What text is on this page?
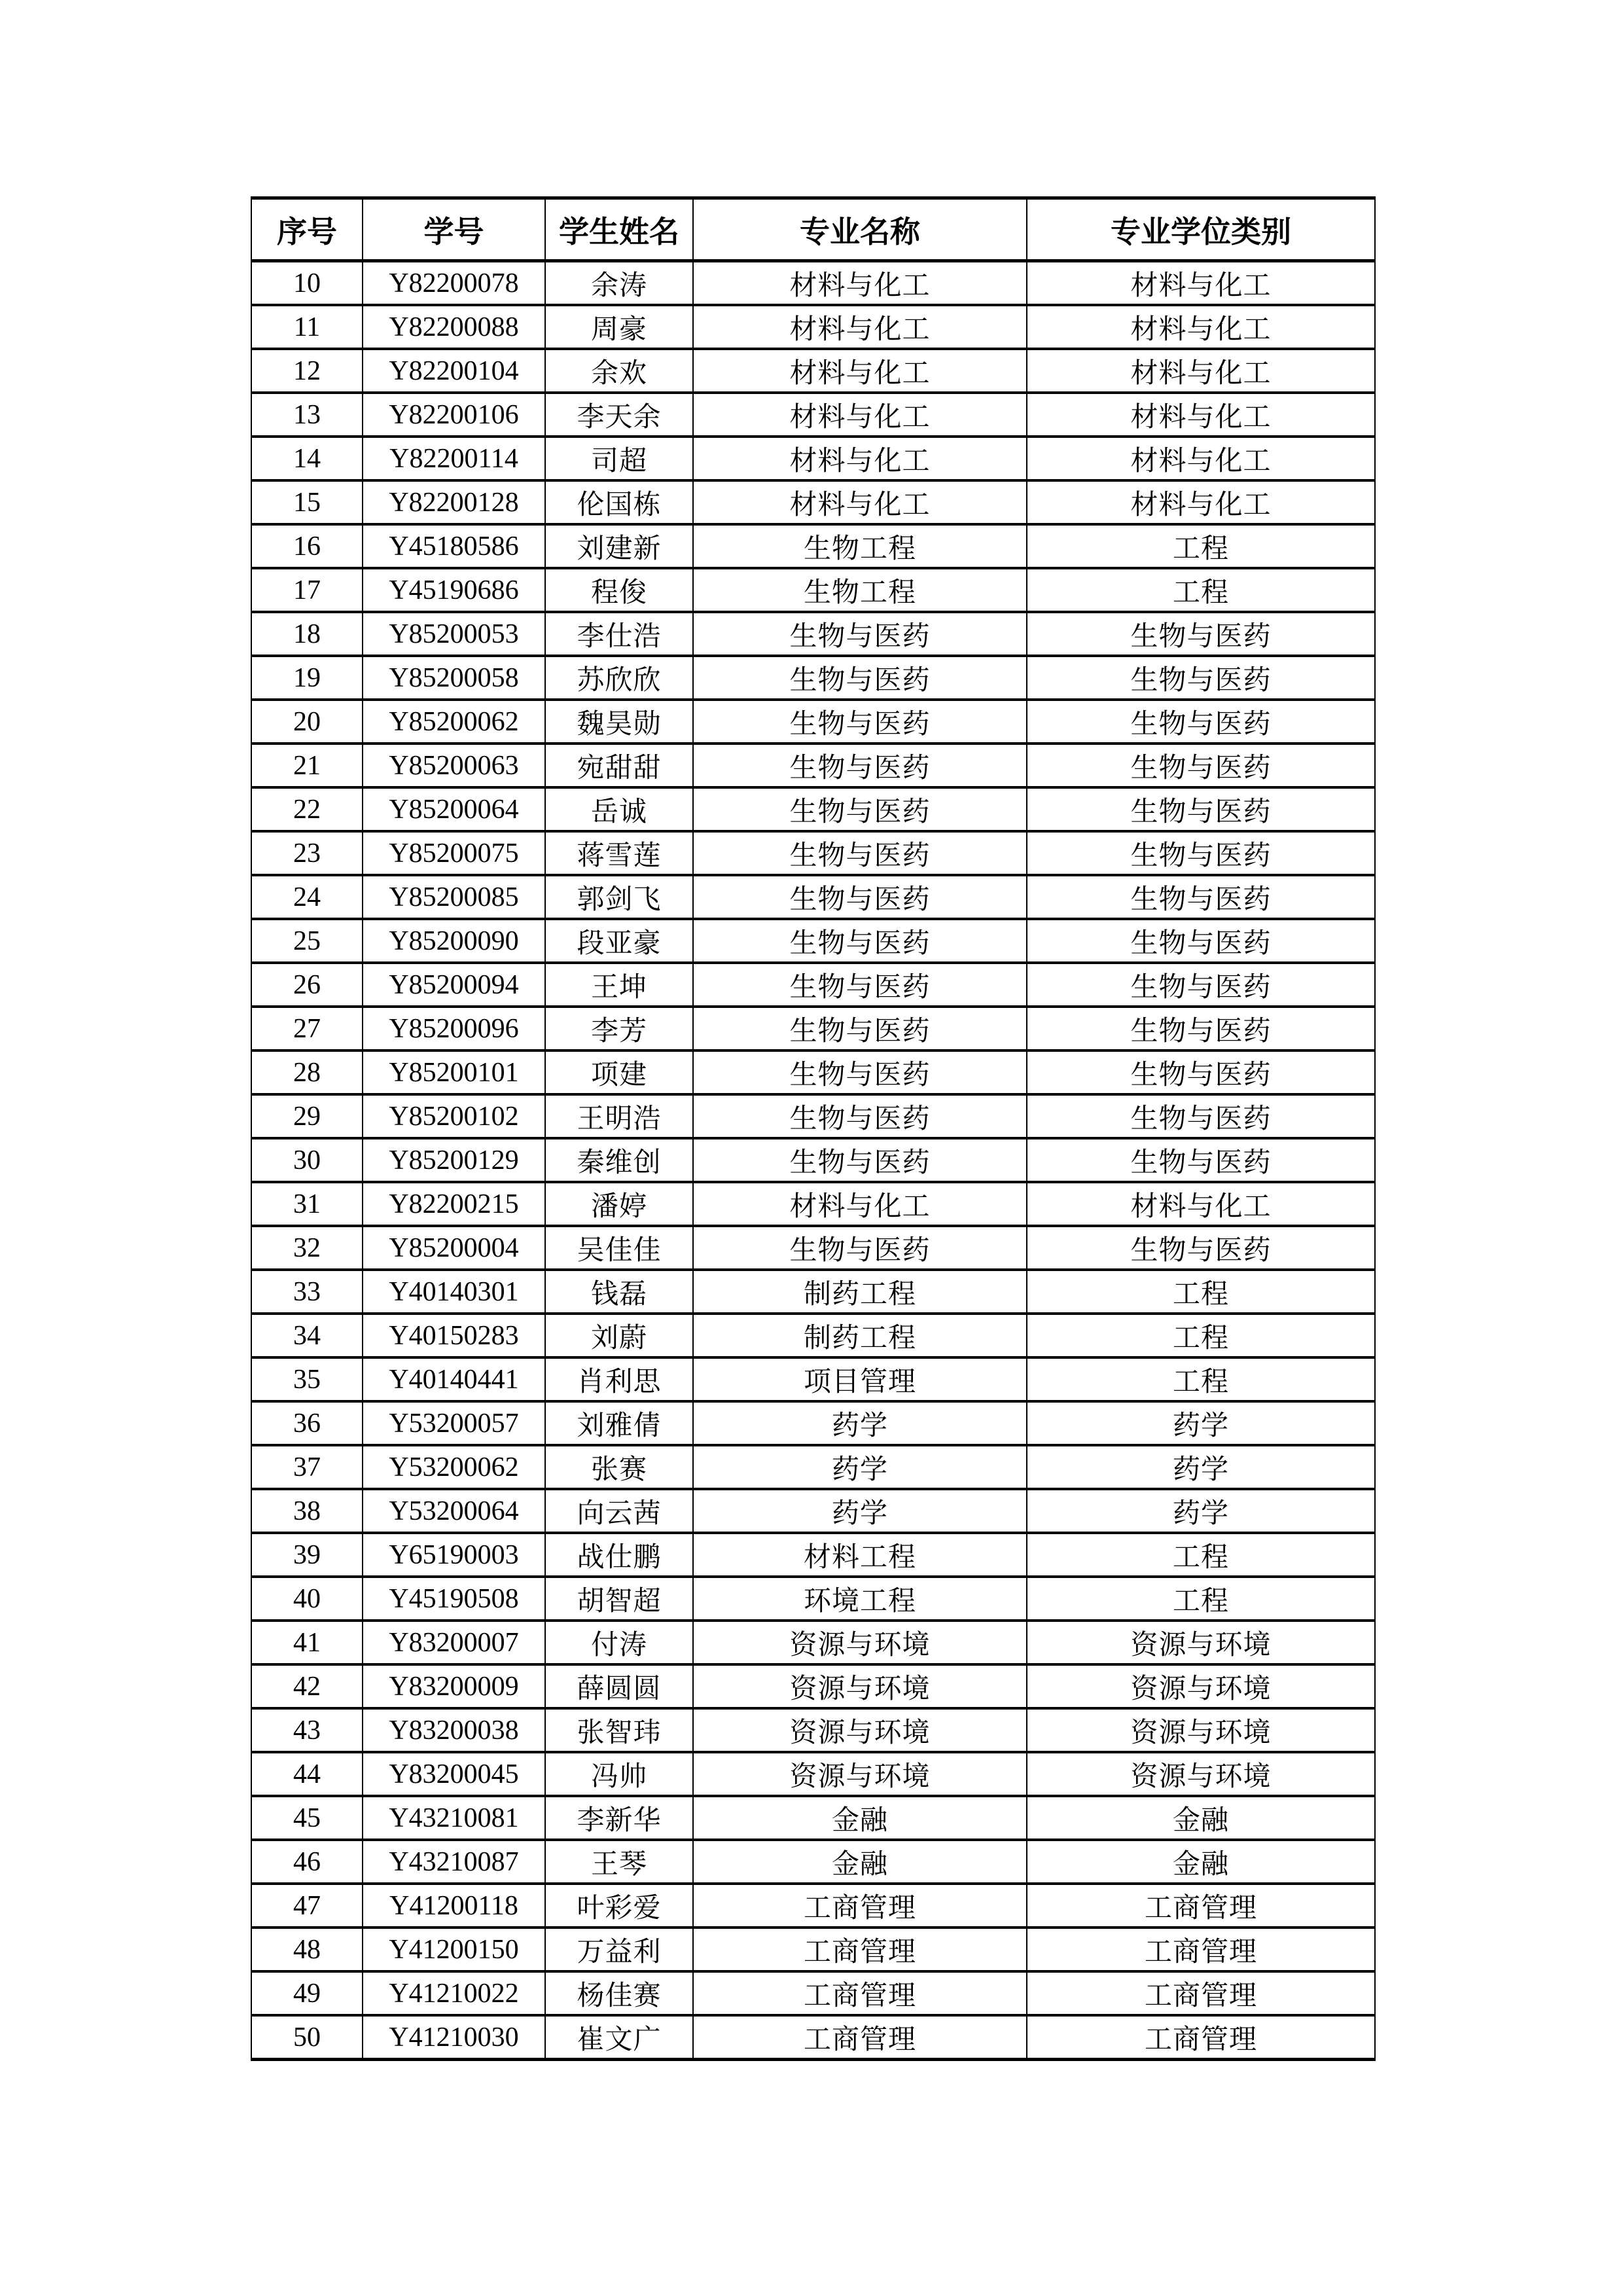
序号	学号	学生姓名	专业名称	专业学位类别
10	Y82200078	余涛	材料与化工	材料与化工
11	Y82200088	周豪	材料与化工	材料与化工
12	Y82200104	余欢	材料与化工	材料与化工
13	Y82200106	李天余	材料与化工	材料与化工
14	Y82200114	司超	材料与化工	材料与化工
15	Y82200128	伦国栋	材料与化工	材料与化工
16	Y45180586	刘建新	生物工程	工程
17	Y45190686	程俊	生物工程	工程
18	Y85200053	李仕浩	生物与医药	生物与医药
19	Y85200058	苏欣欣	生物与医药	生物与医药
20	Y85200062	魏昊勋	生物与医药	生物与医药
21	Y85200063	宛甜甜	生物与医药	生物与医药
22	Y85200064	岳诚	生物与医药	生物与医药
23	Y85200075	蒋雪莲	生物与医药	生物与医药
24	Y85200085	郭剑飞	生物与医药	生物与医药
25	Y85200090	段亚豪	生物与医药	生物与医药
26	Y85200094	王坤	生物与医药	生物与医药
27	Y85200096	李芳	生物与医药	生物与医药
28	Y85200101	项建	生物与医药	生物与医药
29	Y85200102	王明浩	生物与医药	生物与医药
30	Y85200129	秦维创	生物与医药	生物与医药
31	Y82200215	潘婷	材料与化工	材料与化工
32	Y85200004	吴佳佳	生物与医药	生物与医药
33	Y40140301	钱磊	制药工程	工程
34	Y40150283	刘蔚	制药工程	工程
35	Y40140441	肖利思	项目管理	工程
36	Y53200057	刘雅倩	药学	药学
37	Y53200062	张赛	药学	药学
38	Y53200064	向云茜	药学	药学
39	Y65190003	战仕鹏	材料工程	工程
40	Y45190508	胡智超	环境工程	工程
41	Y83200007	付涛	资源与环境	资源与环境
42	Y83200009	薛圆圆	资源与环境	资源与环境
43	Y83200038	张智玮	资源与环境	资源与环境
44	Y83200045	冯帅	资源与环境	资源与环境
45	Y43210081	李新华	金融	金融
46	Y43210087	王琴	金融	金融
47	Y41200118	叶彩爱	工商管理	工商管理
48	Y41200150	万益利	工商管理	工商管理
49	Y41210022	杨佳赛	工商管理	工商管理
50	Y41210030	崔文广	工商管理	工商管理
